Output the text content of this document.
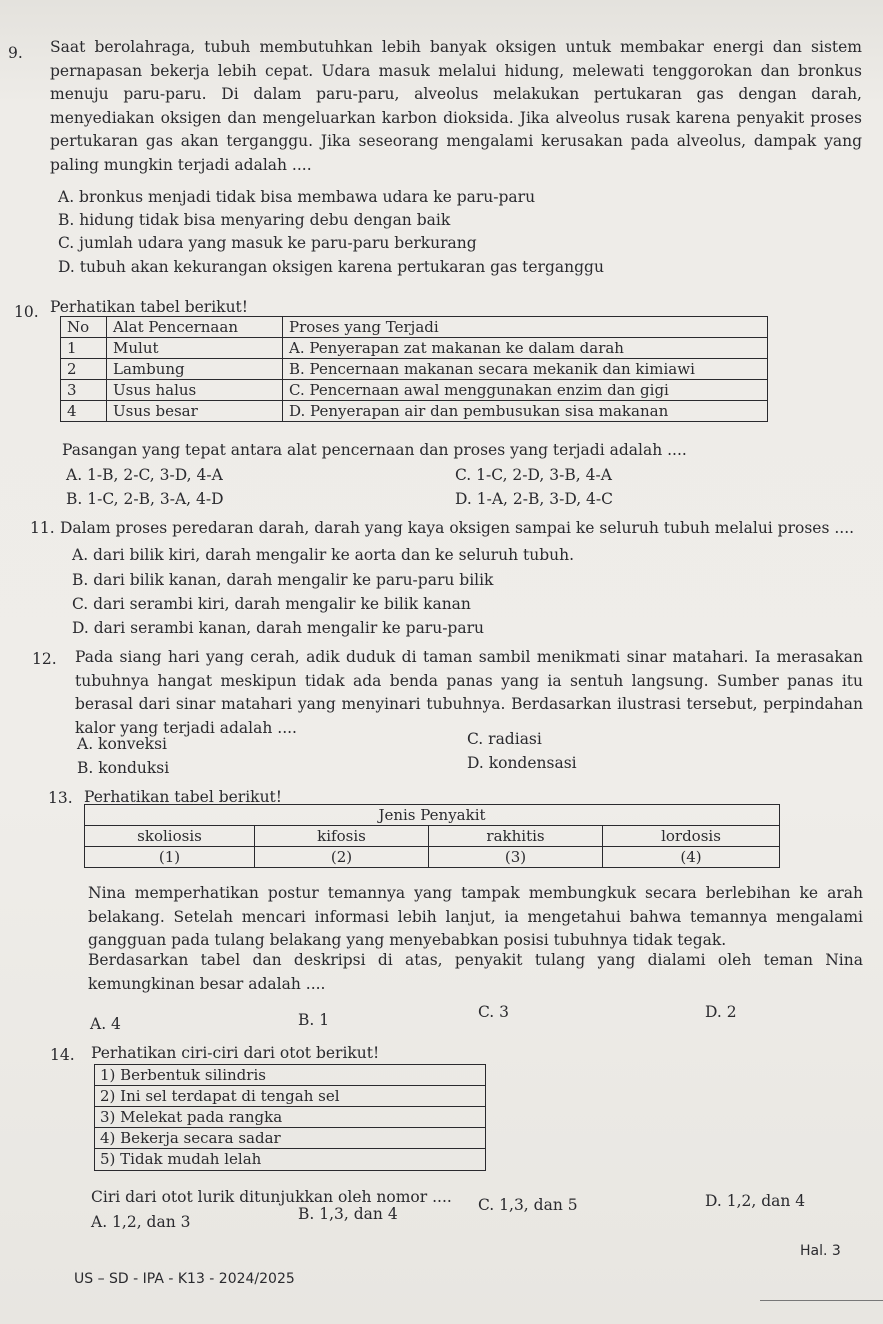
9. Saat berolahraga, tubuh membutuhkan lebih banyak oksigen untuk membakar energi dan sistem pernapasan bekerja lebih cepat. Udara masuk melalui hidung, melewati tenggorokan dan bronkus menuju paru-paru. Di dalam paru-paru, alveolus melakukan pertukaran gas dengan darah, menyediakan oksigen dan mengeluarkan karbon dioksida. Jika alveolus rusak karena penyakit proses pertukaran gas akan terganggu. Jika seseorang mengalami kerusakan pada alveolus, dampak yang paling mungkin terjadi adalah ....

A. bronkus menjadi tidak bisa membawa udara ke paru-paru
B. hidung tidak bisa menyaring debu dengan baik
C. jumlah udara yang masuk ke paru-paru berkurang
D. tubuh akan kekurangan oksigen karena pertukaran gas terganggu
10. Perhatikan tabel berikut!
No	Alat Pencernaan	Proses yang Terjadi
1	Mulut	A. Penyerapan zat makanan ke dalam darah
2	Lambung	B. Pencernaan makanan secara mekanik dan kimiawi
3	Usus halus	C. Pencernaan awal menggunakan enzim dan gigi
4	Usus besar	D. Penyerapan air dan pembusukan sisa makanan
Pasangan yang tepat antara alat pencernaan dan proses yang terjadi adalah ....
A. 1-B, 2-C, 3-D, 4-A
B. 1-C, 2-B, 3-A, 4-D
C. 1-C, 2-D, 3-B, 4-A
D. 1-A, 2-B, 3-D, 4-C
11. Dalam proses peredaran darah, darah yang kaya oksigen sampai ke seluruh tubuh melalui proses ....
A. dari bilik kiri, darah mengalir ke aorta dan ke seluruh tubuh.
B. dari bilik kanan, darah mengalir ke paru-paru bilik
C. dari serambi kiri, darah mengalir ke bilik kanan
D. dari serambi kanan, darah mengalir ke paru-paru
12. Pada siang hari yang cerah, adik duduk di taman sambil menikmati sinar matahari. Ia merasakan tubuhnya hangat meskipun tidak ada benda panas yang ia sentuh langsung. Sumber panas itu berasal dari sinar matahari yang menyinari tubuhnya. Berdasarkan ilustrasi tersebut, perpindahan kalor yang terjadi adalah ....

A. konveksi
B. konduksi
C. radiasi
D. kondensasi
13. Perhatikan tabel berikut!
Jenis Penyakit			
skoliosis	kifosis	rakhitis	lordosis
(1)	(2)	(3)	(4)

Nina memperhatikan postur temannya yang tampak membungkuk secara berlebihan ke arah belakang. Setelah mencari informasi lebih lanjut, ia mengetahui bahwa temannya mengalami gangguan pada tulang belakang yang menyebabkan posisi tubuhnya tidak tegak.

Berdasarkan tabel dan deskripsi di atas, penyakit tulang yang dialami oleh teman Nina kemungkinan besar adalah ....

A. 4	B. 1	C. 3	D. 2
14. Perhatikan ciri-ciri dari otot berikut!
1) Berbentuk silindris
2) Ini sel terdapat di tengah sel
3) Melekat pada rangka
4) Bekerja secara sadar
5) Tidak mudah lelah
Ciri dari otot lurik ditunjukkan oleh nomor ....
A. 1,2, dan 3	B. 1,3, dan 4	C. 1,3, dan 5	D. 1,2, dan 4
Hal. 3
US – SD - IPA - K13 - 2024/2025
